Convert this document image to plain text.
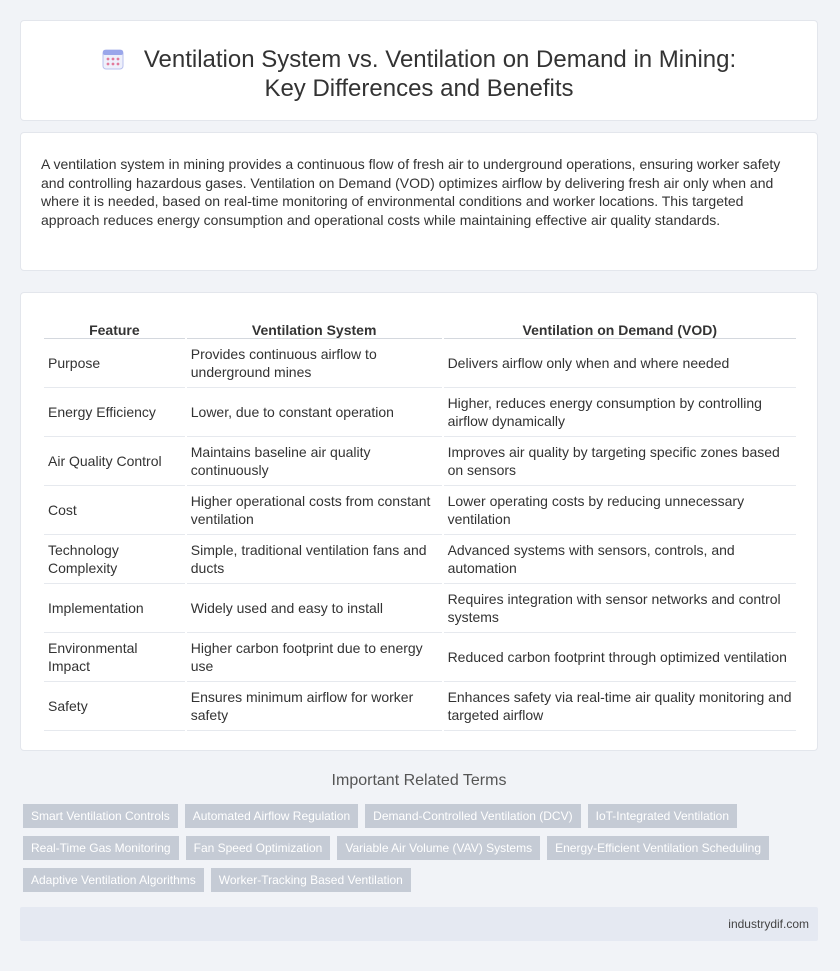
Ventilation System vs. Ventilation on Demand in Mining: Key Differences and Benefits

A ventilation system in mining provides a continuous flow of fresh air to underground operations, ensuring worker safety and controlling hazardous gases. Ventilation on Demand (VOD) optimizes airflow by delivering fresh air only when and where it is needed, based on real-time monitoring of environmental conditions and worker locations. This targeted approach reduces energy consumption and operational costs while maintaining effective air quality standards.

Feature	Ventilation System	Ventilation on Demand (VOD)
Purpose	Provides continuous airflow to underground mines	Delivers airflow only when and where needed
Energy Efficiency	Lower, due to constant operation	Higher, reduces energy consumption by controlling airflow dynamically
Air Quality Control	Maintains baseline air quality continuously	Improves air quality by targeting specific zones based on sensors
Cost	Higher operational costs from constant ventilation	Lower operating costs by reducing unnecessary ventilation
Technology Complexity	Simple, traditional ventilation fans and ducts	Advanced systems with sensors, controls, and automation
Implementation	Widely used and easy to install	Requires integration with sensor networks and control systems
Environmental Impact	Higher carbon footprint due to energy use	Reduced carbon footprint through optimized ventilation
Safety	Ensures minimum airflow for worker safety	Enhances safety via real-time air quality monitoring and targeted airflow
Important Related Terms
Smart Ventilation Controls	Automated Airflow Regulation	Demand-Controlled Ventilation (DCV)	IoT-Integrated Ventilation
Real-Time Gas Monitoring	Fan Speed Optimization	Variable Air Volume (VAV) Systems	Energy-Efficient Ventilation Scheduling
Adaptive Ventilation Algorithms	Worker-Tracking Based Ventilation
industrydif.com
